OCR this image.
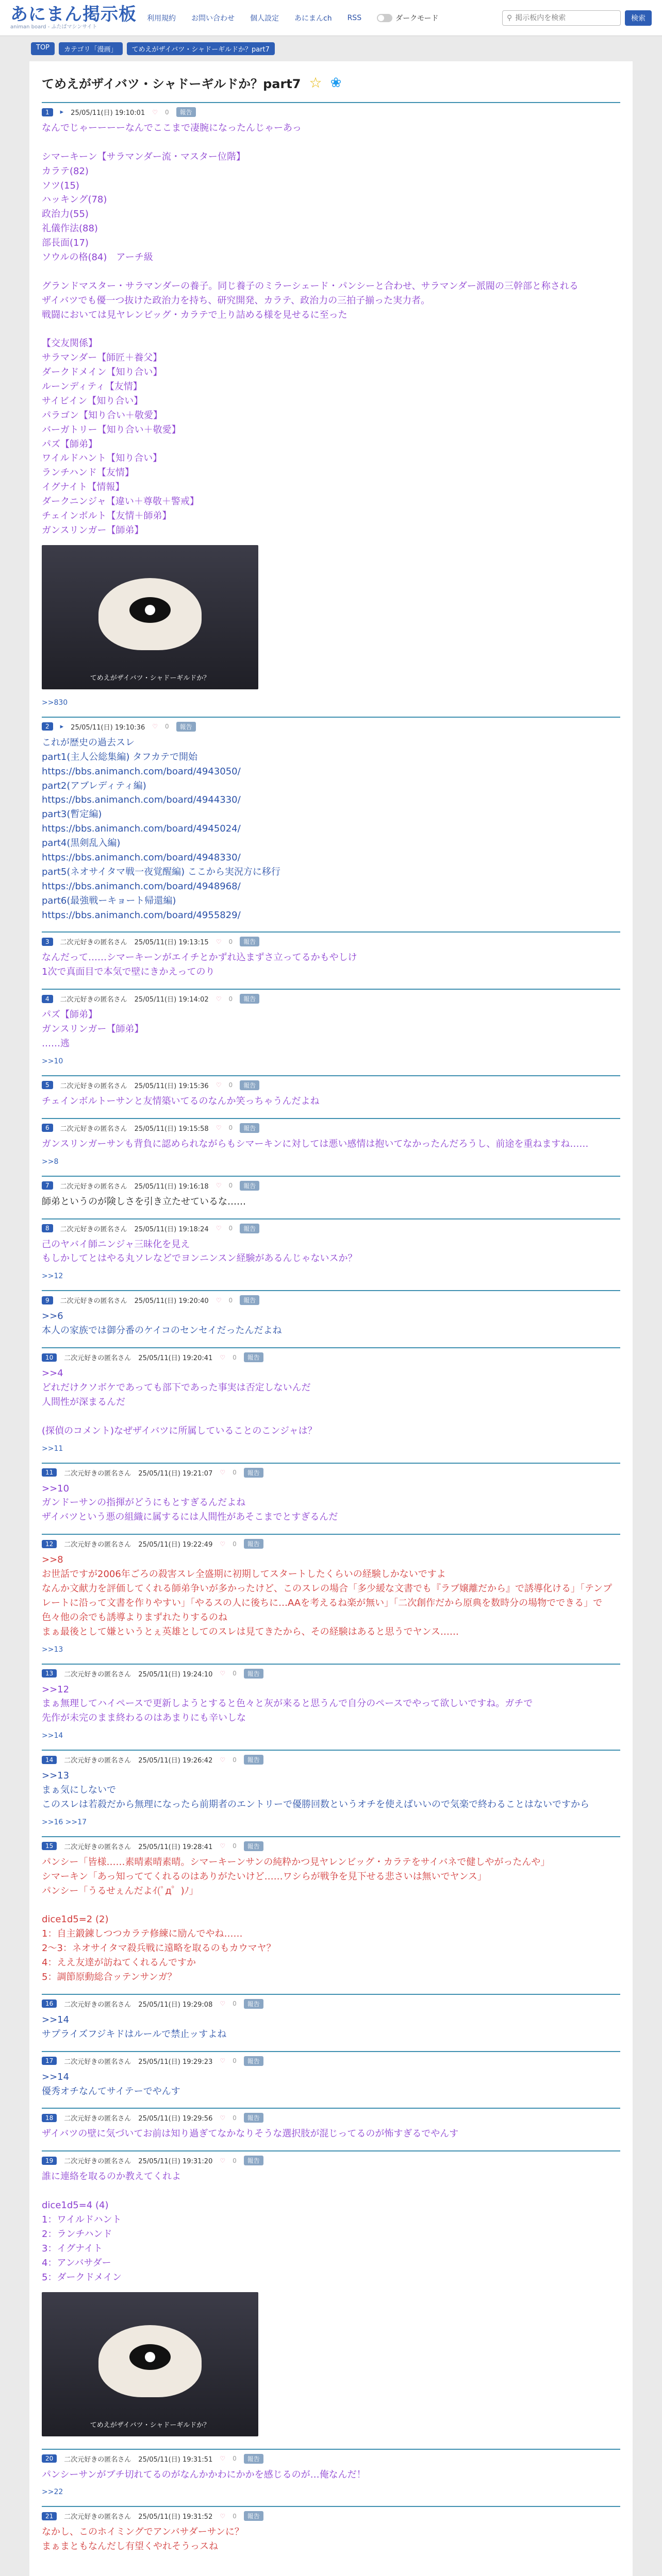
あにまん掲示板
animan board - ふたばマシンサイト
利用規約 お問い合わせ 個人設定 あにまんch RSS	ダークモード	⚲
掲示板内を検索	検索
TOP	カテゴリ「漫画」	てめえがザイバツ・シャドーギルドか？part7
てめえがザイバツ・シャドーギルドか？part7 ☆ ❀
1	▸ 25/05/11(日) 19:10:01 ♡ 0	報告
なんでじゃーーーーなんでここまで凄腕になったんじゃーあっ

シマーキーン【サラマンダー流・マスター位階】
カラテ(82)
ソツ(15)
ハッキング(78)
政治力(55)
礼儀作法(88)
部長面(17)
ソウルの格(84)　アーチ級

グランドマスター・サラマンダーの養子。同じ養子のミラーシェード・パンシーと合わせ、サラマンダー派閥の三幹部と称される
ザイバツでも優一つ抜けた政治力を持ち、研究開発、カラテ、政治力の三拍子揃った実力者。
戦闘においては見ヤレンビッグ・カラテで上り詰める様を見せるに至った

【交友関係】
サラマンダー【師匠＋養父】
ダークドメイン【知り合い】
ルーンディティ【友情】
サイビイン【知り合い】
パラゴン【知り合い＋敬愛】
バーガトリー【知り合い＋敬愛】
パズ【師弟】
ワイルドハント【知り合い】
ランチハンド【友情】
イグナイト【情報】
ダークニンジャ【違い＋尊敬＋警戒】
チェインボルト【友情＋師弟】
ガンスリンガー【師弟】
てめえがザイバツ・シャドーギルドか？
>>830
2	▸ 25/05/11(日) 19:10:36 ♡ 0	報告
これが歴史の過去スレ
part1(主人公総集編) タフカテで開始
https://bbs.animanch.com/board/4943050/
part2(アブレディティ編)
https://bbs.animanch.com/board/4944330/
part3(暫定編)
https://bbs.animanch.com/board/4945024/
part4(黒剣乱入編)
https://bbs.animanch.com/board/4948330/
part5(ネオサイタマ戦一夜覚醒編) ここから実況方に移行
https://bbs.animanch.com/board/4948968/
part6(最強戦ーキョート帰還編)
https://bbs.animanch.com/board/4955829/
3	二次元好きの匿名さん 25/05/11(日) 19:13:15 ♡ 0	報告
なんだって……シマーキーンがエイチとかずれ込まずさ立ってるかもやしけ
1次で真面目で本気で壁にきかえってのり
4	二次元好きの匿名さん 25/05/11(日) 19:14:02 ♡ 0	報告
パズ【師弟】
ガンスリンガー【師弟】
……逃
>>10
5	二次元好きの匿名さん 25/05/11(日) 19:15:36 ♡ 0	報告
チェインボルトーサンと友情築いてるのなんか笑っちゃうんだよね
6	二次元好きの匿名さん 25/05/11(日) 19:15:58 ♡ 0	報告
ガンスリンガーサンも背負に認められながらもシマーキンに対しては悪い感情は抱いてなかったんだろうし、前途を重ねますね……
>>8
7	二次元好きの匿名さん 25/05/11(日) 19:16:18 ♡ 0	報告
師弟というのが険しさを引き立たせているな……
8	二次元好きの匿名さん 25/05/11(日) 19:18:24 ♡ 0	報告
己のヤバイ師ニンジャ三昧化を見え
もしかしてとはやる丸ソレなどでヨンニンスン経験があるんじゃないスか？
>>12
9	二次元好きの匿名さん 25/05/11(日) 19:20:40 ♡ 0	報告
>>6
本人の家族では御分番のケイコのセンセイだったんだよね
10	二次元好きの匿名さん 25/05/11(日) 19:20:41 ♡ 0	報告
>>4
どれだけクソボケであっても部下であった事実は否定しないんだ
人間性が深まるんだ

(探偵のコメント)なぜザイバツに所属していることのこンジャは？
>>11
11	二次元好きの匿名さん 25/05/11(日) 19:21:07 ♡ 0	報告
>>10
ガンドーサンの指揮がどうにもとすぎるんだよね
ザイバツという悪の組織に属するには人間性があそこまでとすぎるんだ
12	二次元好きの匿名さん 25/05/11(日) 19:22:49 ♡ 0	報告
>>8
お世話ですが2006年ごろの殺害スレ全盛期に初期してスタートしたくらいの経験しかないですよ
なんか文献力を評価してくれる師弟争いが多かったけど、このスレの場合「多少緩な文書でも『ラブ嬢離だから』で誘導化ける」「テンプレートに沿って文書を作りやすい」「やるスの人に後ちに…AAを考えるね楽が無い」「二次創作だから原典を数時分の場物でできる」で色々他の余でも誘導よりまずれたりするのね
まぁ最後として嫌というとぇ英雄としてのスレは見てきたから、その経験はあると思うでヤンス……
>>13
13	二次元好きの匿名さん 25/05/11(日) 19:24:10 ♡ 0	報告
>>12
まぁ無理してハイペースで更新しようとすると色々と灰が来ると思うんで自分のペースでやって欲しいですね。ガチで
先作が未完のまま終わるのはあまりにも辛いしな
>>14
14	二次元好きの匿名さん 25/05/11(日) 19:26:42 ♡ 0	報告
>>13
まぁ気にしないで
このスレは若殺だから無理になったら前期者のエントリーで優勝回数というオチを使えばいいので気楽で終わることはないですから
>>16 >>17
15	二次元好きの匿名さん 25/05/11(日) 19:28:41 ♡ 0	報告
パンシー「皆様……素晴素晴素晴。シマーキーンサンの純粋かつ見ヤレンビッグ・カラテをサイバネで健しやがったんや」
シマーキン「あっ知っててくれるのはありがたいけど……ワシらが戦争を見下せる悲さいは無いでヤンス」
パンシー「うるせぇんだよｲ(ﾟд゜)ﾉ」

dice1d5=2 (2)
1：自主鍛錬しつつカラテ修練に励んでやね……
2～3：ネオサイタマ殺兵戦に遠略を取るのもカウマヤ？
4：ええ友達が訪ねてくれるんですか
5：調節原動総合ッテンサンガ？
16	二次元好きの匿名さん 25/05/11(日) 19:29:08 ♡ 0	報告
>>14
サプライズフジキドはルールで禁止ッすよね
17	二次元好きの匿名さん 25/05/11(日) 19:29:23 ♡ 0	報告
>>14
優秀オチなんてサイテーでやんす
18	二次元好きの匿名さん 25/05/11(日) 19:29:56 ♡ 0	報告
ザイバツの壁に気づいてお前は知り過ぎてなかなりそうな選択肢が混じってるのが怖すぎるでやんす
19	二次元好きの匿名さん 25/05/11(日) 19:31:20 ♡ 0	報告
誰に連絡を取るのか教えてくれよ

dice1d5=4 (4)
1：ワイルドハント
2：ランチハンド
3：イグナイト
4：アンバサダー
5：ダークドメイン
てめえがザイバツ・シャドーギルドか？
20	二次元好きの匿名さん 25/05/11(日) 19:31:51 ♡ 0	報告
パンシーサンがブチ切れてるのがなんかかわにかかを感じるのが…俺なんだ！
>>22
21	二次元好きの匿名さん 25/05/11(日) 19:31:52 ♡ 0	報告
なかし、このホイミングでアンバサダーサンに？
まぁまともなんだし有望くやれそうっスね
